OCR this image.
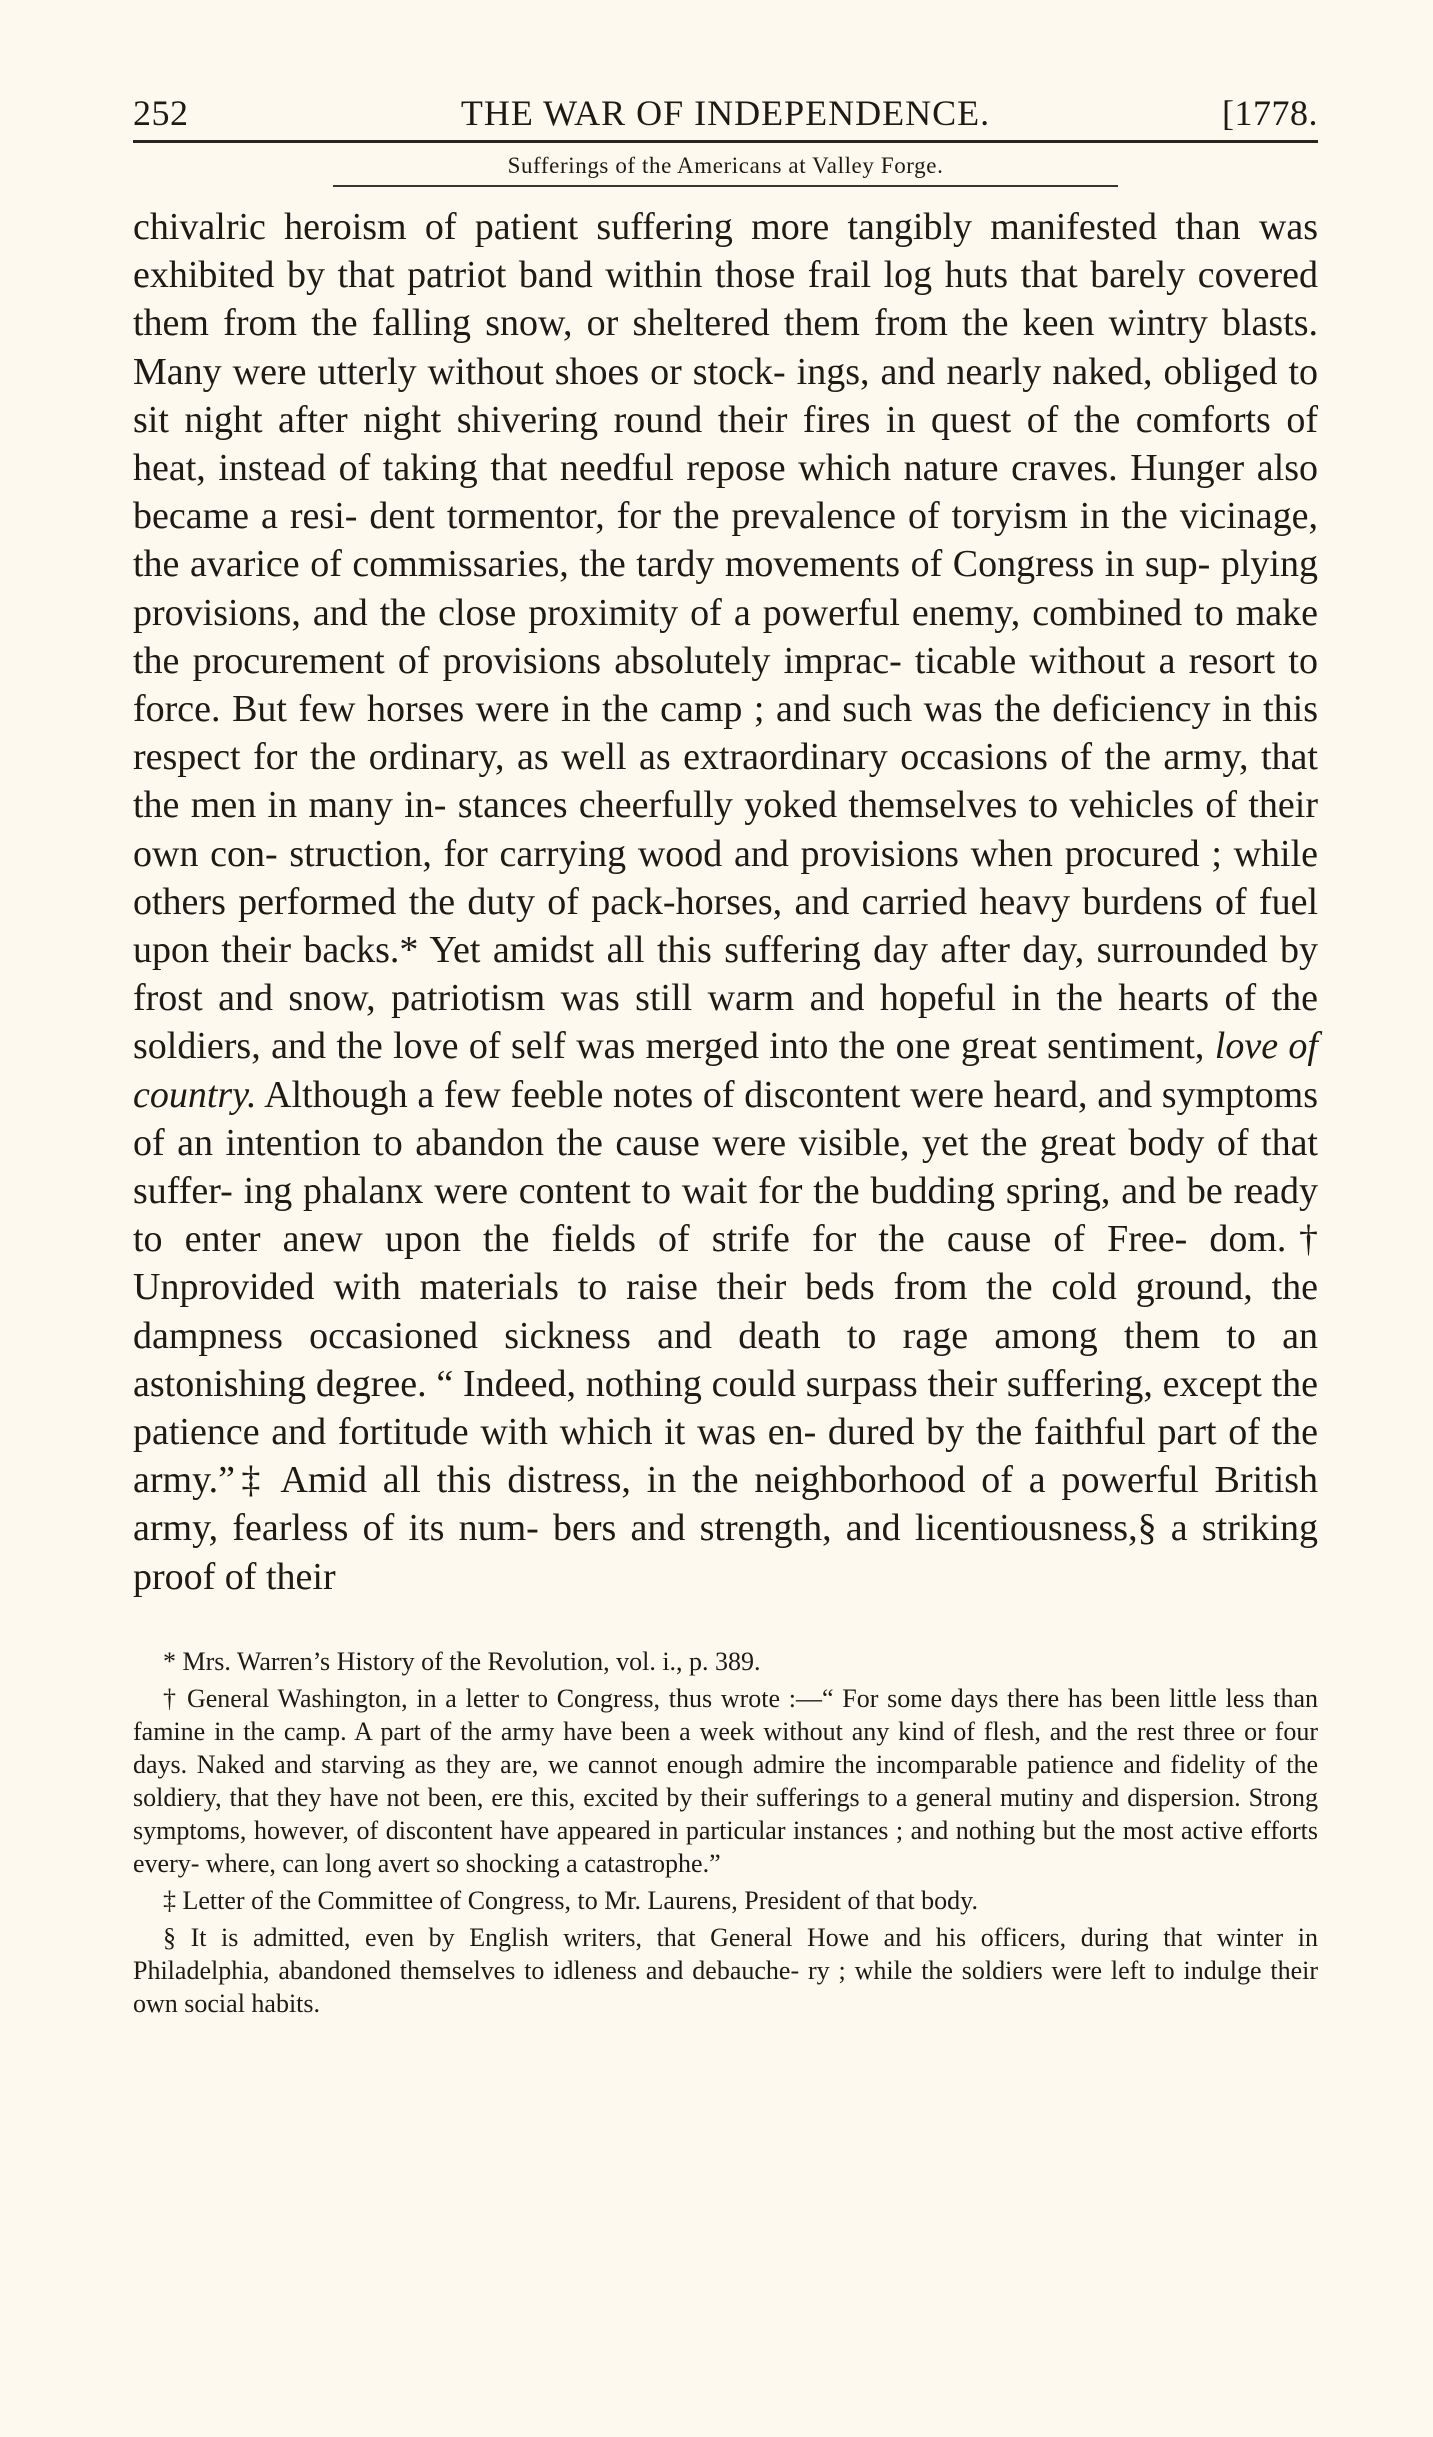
252	THE WAR OF INDEPENDENCE.	[1778.
Sufferings of the Americans at Valley Forge.
chivalric heroism of patient suffering more tangibly manifested than was exhibited by that patriot band within those frail log huts that barely covered them from the falling snow, or sheltered them from the keen wintry blasts. Many were utterly without shoes or stock- ings, and nearly naked, obliged to sit night after night shivering round their fires in quest of the comforts of heat, instead of taking that needful repose which nature craves. Hunger also became a resi- dent tormentor, for the prevalence of toryism in the vicinage, the avarice of commissaries, the tardy movements of Congress in sup- plying provisions, and the close proximity of a powerful enemy, combined to make the procurement of provisions absolutely imprac- ticable without a resort to force. But few horses were in the camp ; and such was the deficiency in this respect for the ordinary, as well as extraordinary occasions of the army, that the men in many in- stances cheerfully yoked themselves to vehicles of their own con- struction, for carrying wood and provisions when procured ; while others performed the duty of pack-horses, and carried heavy burdens of fuel upon their backs.* Yet amidst all this suffering day after day, surrounded by frost and snow, patriotism was still warm and hopeful in the hearts of the soldiers, and the love of self was merged into the one great sentiment, love of country. Although a few feeble notes of discontent were heard, and symptoms of an intention to abandon the cause were visible, yet the great body of that suffer- ing phalanx were content to wait for the budding spring, and be ready to enter anew upon the fields of strife for the cause of Free- dom.† Unprovided with materials to raise their beds from the cold ground, the dampness occasioned sickness and death to rage among them to an astonishing degree. “ Indeed, nothing could surpass their suffering, except the patience and fortitude with which it was en- dured by the faithful part of the army.”‡ Amid all this distress, in the neighborhood of a powerful British army, fearless of its num- bers and strength, and licentiousness,§ a striking proof of their

* Mrs. Warren’s History of the Revolution, vol. i., p. 389.

† General Washington, in a letter to Congress, thus wrote :—“ For some days there has been little less than famine in the camp. A part of the army have been a week without any kind of flesh, and the rest three or four days. Naked and starving as they are, we cannot enough admire the incomparable patience and fidelity of the soldiery, that they have not been, ere this, excited by their sufferings to a general mutiny and dispersion. Strong symptoms, however, of discontent have appeared in particular instances ; and nothing but the most active efforts every- where, can long avert so shocking a catastrophe.”

‡ Letter of the Committee of Congress, to Mr. Laurens, President of that body.

§ It is admitted, even by English writers, that General Howe and his officers, during that winter in Philadelphia, abandoned themselves to idleness and debauche- ry ; while the soldiers were left to indulge their own social habits.
